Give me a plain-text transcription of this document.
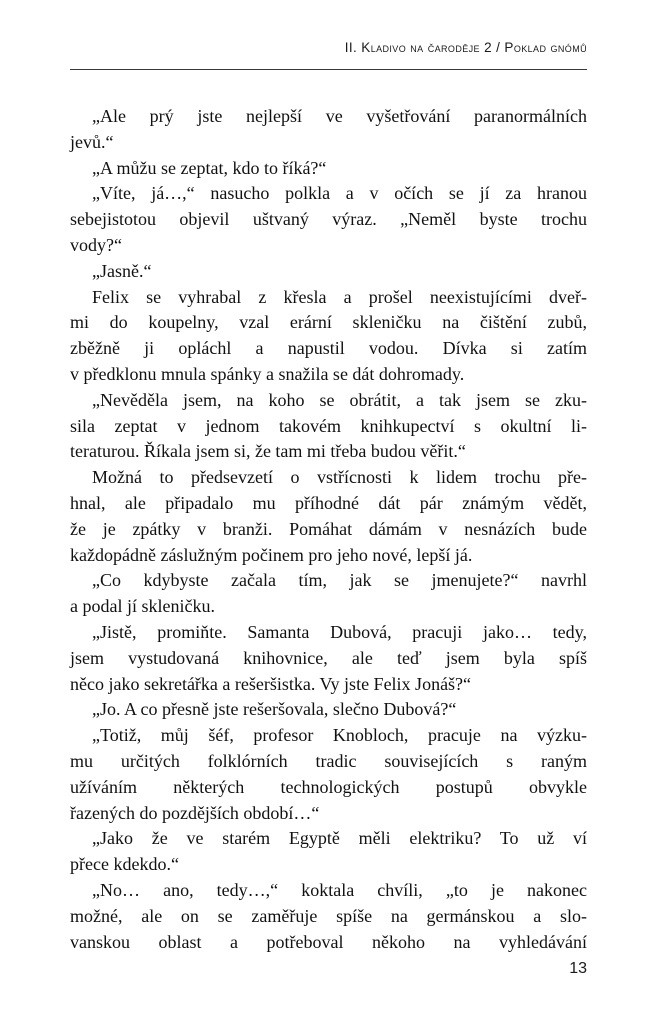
II. Kladivo na čaroděje 2 / Poklad gnómů
„Ale prý jste nejlepší ve vyšetřování paranormálních
jevů.“
„A můžu se zeptat, kdo to říká?“
„Víte, já…,“ nasucho polkla a v očích se jí za hranou
sebejistotou objevil uštvaný výraz. „Neměl byste trochu
vody?“
„Jasně.“
Felix se vyhrabal z křesla a prošel neexistujícími dveř-
mi do koupelny, vzal erární skleničku na čištění zubů,
zběžně ji opláchl a napustil vodou. Dívka si zatím
v předklonu mnula spánky a snažila se dát dohromady.
„Nevěděla jsem, na koho se obrátit, a tak jsem se zku-
sila zeptat v jednom takovém knihkupectví s okultní li-
teraturou. Říkala jsem si, že tam mi třeba budou věřit.“
Možná to předsevzetí o vstřícnosti k lidem trochu pře-
hnal, ale připadalo mu příhodné dát pár známým vědět,
že je zpátky v branži. Pomáhat dámám v nesnázích bude
každopádně záslužným počinem pro jeho nové, lepší já.
„Co kdybyste začala tím, jak se jmenujete?“ navrhl
a podal jí skleničku.
„Jistě, promiňte. Samanta Dubová, pracuji jako… tedy,
jsem vystudovaná knihovnice, ale teď jsem byla spíš
něco jako sekretářka a rešeršistka. Vy jste Felix Jonáš?“
„Jo. A co přesně jste rešeršovala, slečno Dubová?“
„Totiž, můj šéf, profesor Knobloch, pracuje na výzku-
mu určitých folklórních tradic souvisejících s raným
užíváním některých technologických postupů obvykle
řazených do pozdějších období…“
„Jako že ve starém Egyptě měli elektriku? To už ví
přece kdekdo.“
„No… ano, tedy…,“ koktala chvíli, „to je nakonec
možné, ale on se zaměřuje spíše na germánskou a slo-
vanskou oblast a potřeboval někoho na vyhledávání
13
